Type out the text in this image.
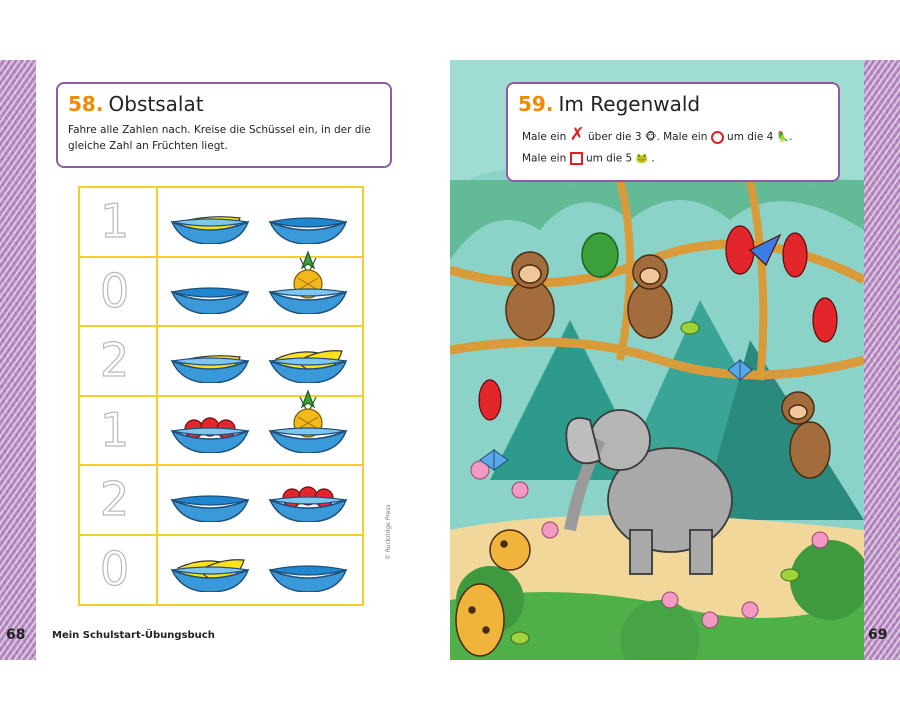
58. Obstsalat
Fahre alle Zahlen nach. Kreise die Schüssel ein, in der die gleiche Zahl an Früchten liegt.
1
0
2
1
2
0
68	Mein Schulstart-Übungsbuch
© Ruckridge Press
59. Im Regenwald
Male ein ✗ über die 3 🐵. Male ein um die 4 🦜.
Male ein um die 5 🐸 .
69
